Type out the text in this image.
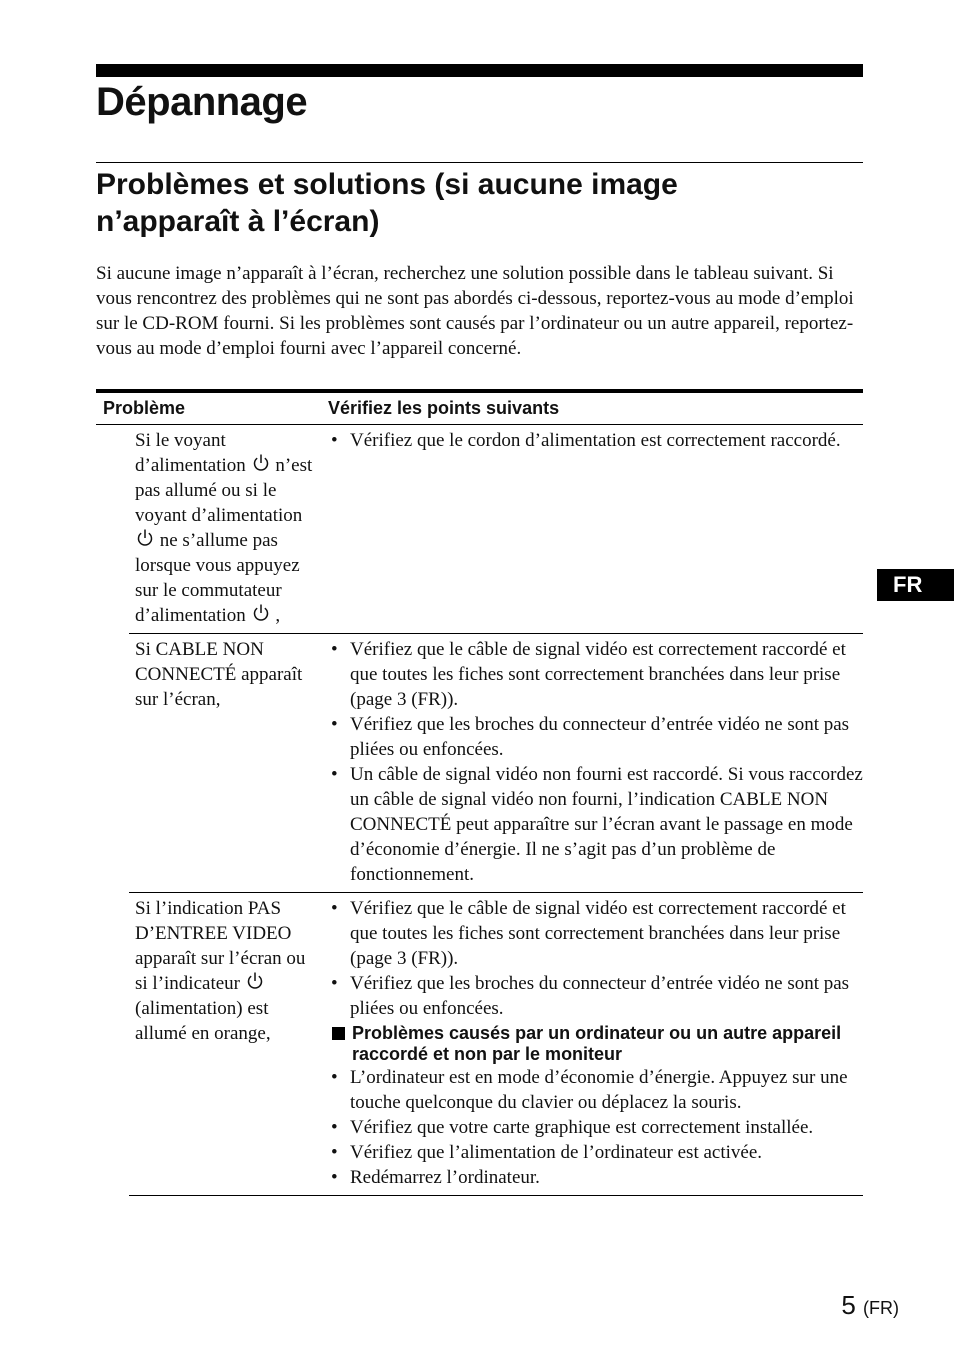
Dépannage
Problèmes et solutions (si aucune image
n’apparaît à l’écran)

Si aucune image n’apparaît à l’écran, recherchez une solution possible dans le tableau suivant. Si vous rencontrez des problèmes qui ne sont pas abordés ci-dessous, reportez-vous au mode d’emploi sur le CD-ROM fourni. Si les problèmes sont causés par l’ordinateur ou un autre appareil, reportez-vous au mode d’emploi fourni avec l’appareil concerné.

Problème	Vérifiez les points suivants
Si le voyant d’alimentation n’est pas allumé ou si le voyant d’alimentation  ne s’allume pas lorsque vous appuyez sur le commutateur d’alimentation ,
• Vérifiez que le cordon d’alimentation est correctement raccordé.
Si CABLE NON CONNECTÉ apparaît sur l’écran,
• Vérifiez que le câble de signal vidéo est correctement raccordé et que toutes les fiches sont correctement branchées dans leur prise (page 3 (FR)).
• Vérifiez que les broches du connecteur d’entrée vidéo ne sont pas pliées ou enfoncées.
• Un câble de signal vidéo non fourni est raccordé. Si vous raccordez un câble de signal vidéo non fourni, l’indication CABLE NON CONNECTÉ peut apparaître sur l’écran avant le passage en mode d’économie d’énergie. Il ne s’agit pas d’un problème de fonctionnement.
Si l’indication PAS D’ENTREE VIDEO apparaît sur l’écran ou si l’indicateur  (alimentation) est allumé en orange,
• Vérifiez que le câble de signal vidéo est correctement raccordé et que toutes les fiches sont correctement branchées dans leur prise (page 3 (FR)).
• Vérifiez que les broches du connecteur d’entrée vidéo ne sont pas pliées ou enfoncées.

Problèmes causés par un ordinateur ou un autre appareil raccordé et non par le moniteur

• L’ordinateur est en mode d’économie d’énergie. Appuyez sur une touche quelconque du clavier ou déplacez la souris.
• Vérifiez que votre carte graphique est correctement installée.
• Vérifiez que l’alimentation de l’ordinateur est activée.
• Redémarrez l’ordinateur.
FR
5 (FR)
